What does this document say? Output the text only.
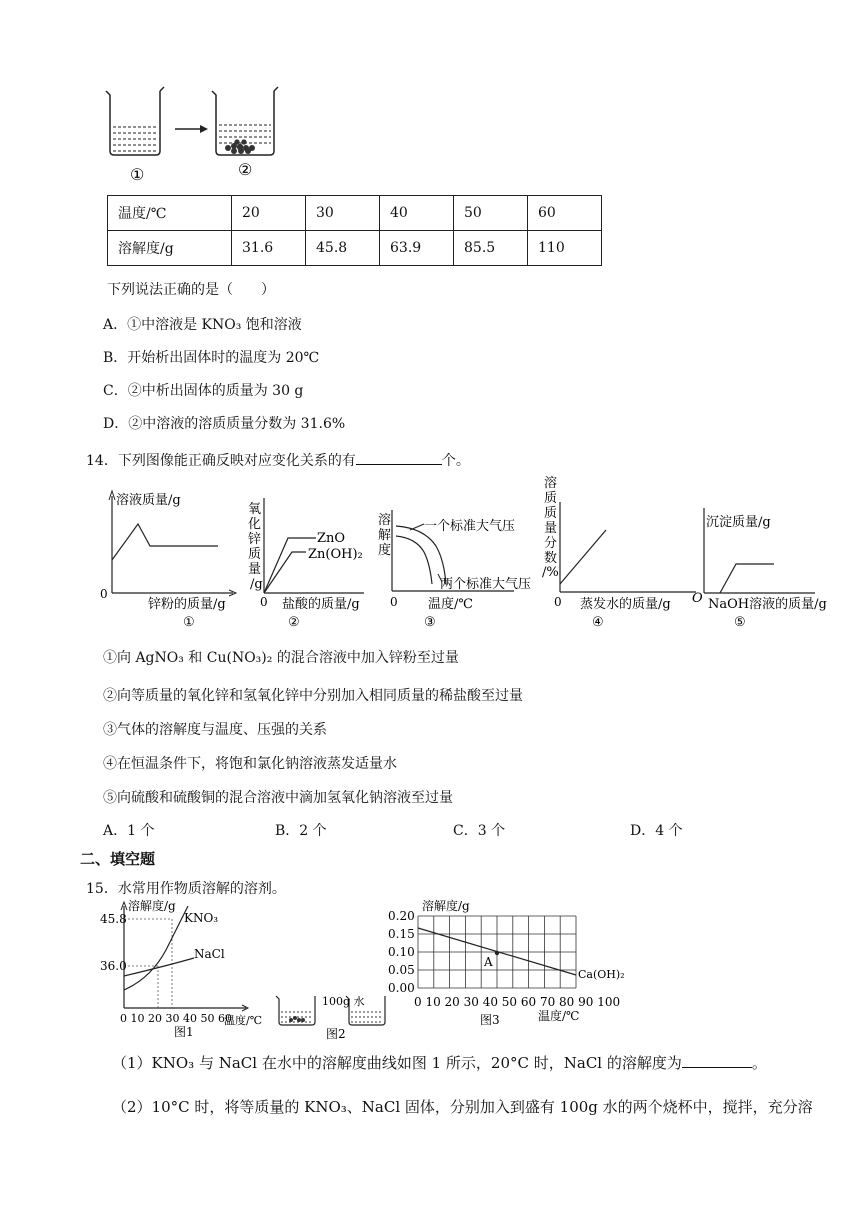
①	②
温度/℃	20	30	40	50	60
溶解度/g	31.6	45.8	63.9	85.5	110
下列说法正确的是（　　）
A．①中溶液是 KNO₃ 饱和溶液
B．开始析出固体时的温度为 20℃
C．②中析出固体的质量为 30 g
D．②中溶液的溶质质量分数为 31.6%
14．下列图像能正确反映对应变化关系的有	个。
溶液质量/g
0
锌粉的质量/g
①
ZnO
Zn(OH)₂
氧化锌质量/g
0 盐酸的质量/g
②
一个标准大气压
两个标准大气压
溶解度
0 温度/℃
③
溶质质量分数/%
0 蒸发水的质量/g
④
沉淀质量/g
O NaOH溶液的质量/g
⑤
①向 AgNO₃ 和 Cu(NO₃)₂ 的混合溶液中加入锌粉至过量
②向等质量的氧化锌和氢氧化锌中分别加入相同质量的稀盐酸至过量
③气体的溶解度与温度、压强的关系
④在恒温条件下，将饱和氯化钠溶液蒸发适量水
⑤向硫酸和硫酸铜的混合溶液中滴加氢氧化钠溶液至过量
A．1 个	B．2 个	C．3 个	D．4 个
二、填空题
15．水常用作物质溶解的溶剂。
溶解度/g
45.8
36.0
KNO₃
NaCl
0 10 20 30 40 50 60
温度/℃
图1
100g 水
图2
A
溶解度/g
0.20
0.15
0.10
0.05
0.00
Ca(OH)₂
0 10 20 30 40 50 60 70 80 90 100
温度/℃
图3
（1）KNO₃ 与 NaCl 在水中的溶解度曲线如图 1 所示，20°C 时，NaCl 的溶解度为	。
（2）10°C 时，将等质量的 KNO₃、NaCl 固体，分别加入到盛有 100g 水的两个烧杯中，搅拌，充分溶
